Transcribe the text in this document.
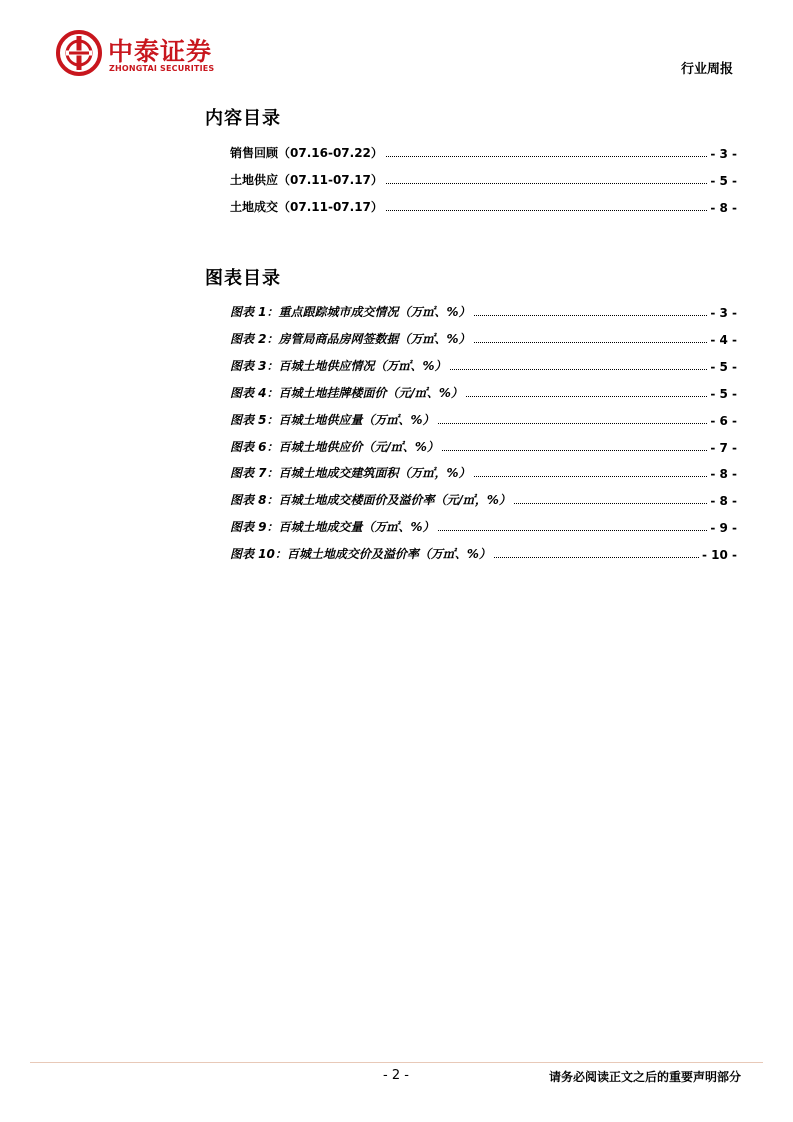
中泰证券
ZHONGTAI SECURITIES	行业周报
内容目录
销售回顾（07.16-07.22）	- 3 -
土地供应（07.11-07.17）	- 5 -
土地成交（07.11-07.17）	- 8 -
图表目录
图表 1：重点跟踪城市成交情况（万㎡、%）	- 3 -
图表 2：房管局商品房网签数据（万㎡、%）	- 4 -
图表 3：百城土地供应情况（万㎡、%）	- 5 -
图表 4：百城土地挂牌楼面价（元/㎡、%）	- 5 -
图表 5：百城土地供应量（万㎡、%）	- 6 -
图表 6：百城土地供应价（元/㎡、%）	- 7 -
图表 7：百城土地成交建筑面积（万㎡，%）	- 8 -
图表 8：百城土地成交楼面价及溢价率（元/㎡，%）	- 8 -
图表 9：百城土地成交量（万㎡、%）	- 9 -
图表 10：百城土地成交价及溢价率（万㎡、%）	- 10 -
- 2 -	请务必阅读正文之后的重要声明部分
